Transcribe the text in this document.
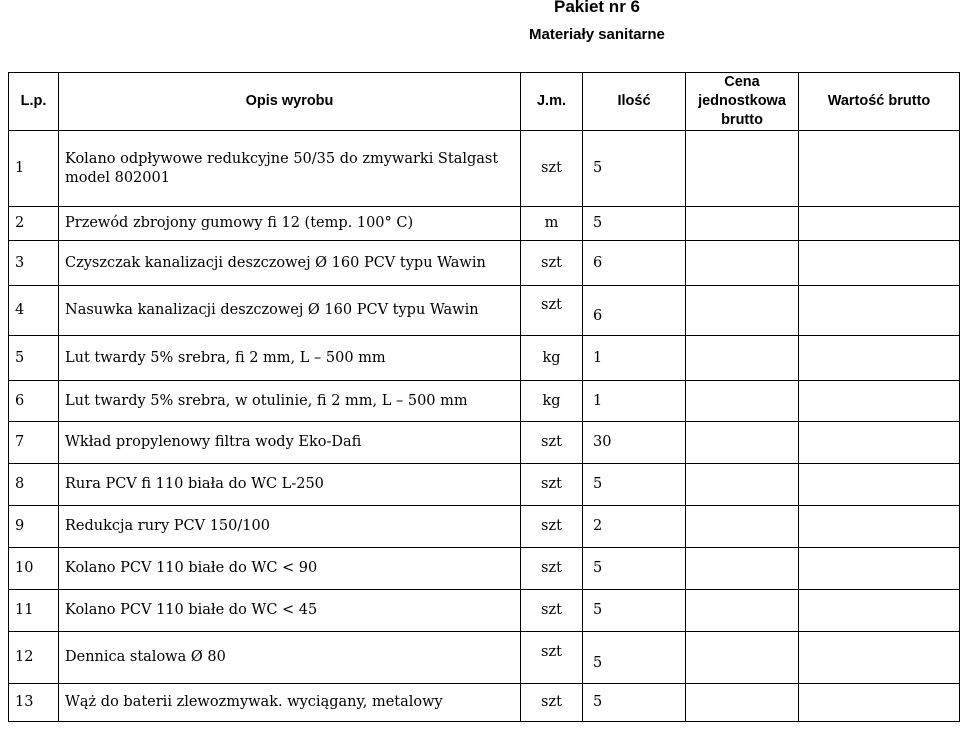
Pakiet nr 6
Materiały sanitarne
L.p.	Opis wyrobu	J.m.	Ilość	Cena jednostkowa brutto	Wartość brutto
1	Kolano odpływowe redukcyjne 50/35 do zmywarki Stalgast model 802001	szt	5		
2	Przewód zbrojony gumowy fi 12 (temp. 100° C)	m	5		
3	Czyszczak kanalizacji deszczowej Ø 160 PCV typu Wawin	szt	6		
4	Nasuwka kanalizacji deszczowej Ø 160 PCV typu Wawin	szt	6		

5	Lut twardy 5% srebra, fi 2 mm, L – 500 mm	kg	1		
6	Lut twardy 5% srebra, w otulinie, fi 2 mm, L – 500 mm	kg	1		
7	Wkład propylenowy filtra wody Eko-Dafi	szt	30		
8	Rura PCV fi 110 biała do WC L-250	szt	5		
9	Redukcja rury PCV 150/100	szt	2		
10	Kolano PCV 110 białe do WC < 90	szt	5		
11	Kolano PCV 110 białe do WC < 45	szt	5		
12	Dennica stalowa Ø 80	szt	5		

13	Wąż do baterii zlewozmywak. wyciągany, metalowy	szt	5		
